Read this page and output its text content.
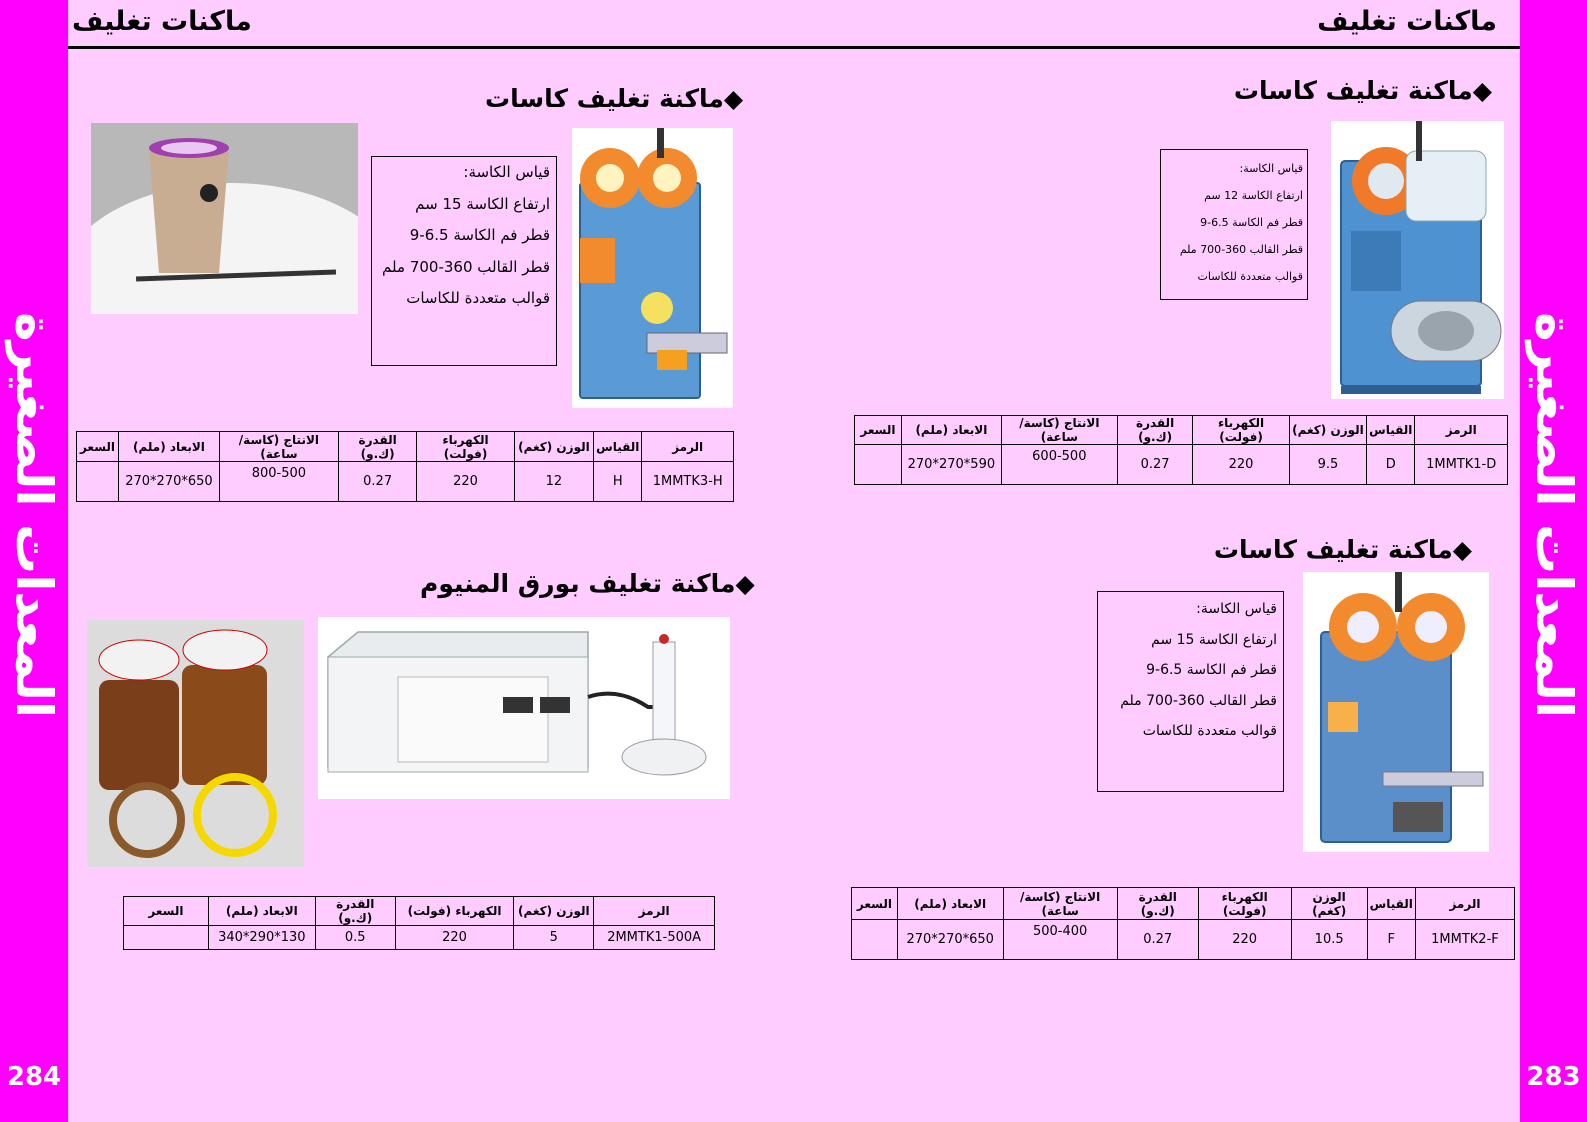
المعدات الصغيرة
284
المعدات الصغيرة
283
ماكنات تغليف	ماكنات تغليف
◆ماكنة تغليف كاسات
قياس الكاسة:
ارتفاع الكاسة 12 سم
قطر فم الكاسة 6.5-9
قطر القالب 360-700 ملم
قوالب متعددة للكاسات
الرمز	القياس	الوزن (كغم)	الكهرباء (فولت)	القدرة (ك.و)	الانتاج (كاسة/ساعة)	الابعاد (ملم)	السعر
1MMTK1-D	D	9.5	220	0.27	600-500	590*270*270	
◆ماكنة تغليف كاسات
قياس الكاسة:
ارتفاع الكاسة 15 سم
قطر فم الكاسة 6.5-9
قطر القالب 360-700 ملم
قوالب متعددة للكاسات
الرمز	القياس	الوزن (كغم)	الكهرباء (فولت)	القدرة (ك.و)	الانتاج (كاسة/ساعة)	الابعاد (ملم)	السعر
1MMTK2-F	F	10.5	220	0.27	500-400	650*270*270	
◆ماكنة تغليف كاسات
قياس الكاسة:
ارتفاع الكاسة 15 سم
قطر فم الكاسة 6.5-9
قطر القالب 360-700 ملم
قوالب متعددة للكاسات
الرمز	القياس	الوزن (كغم)	الكهرباء (فولت)	القدرة (ك.و)	الانتاج (كاسة/ساعة)	الابعاد (ملم)	السعر
1MMTK3-H	H	12	220	0.27	800-500	650*270*270	
◆ماكنة تغليف بورق المنيوم
الرمز	الوزن (كغم)	الكهرباء (فولت)	القدرة (ك.و)	الابعاد (ملم)	السعر
2MMTK1-500A	5	220	0.5	130*290*340	
